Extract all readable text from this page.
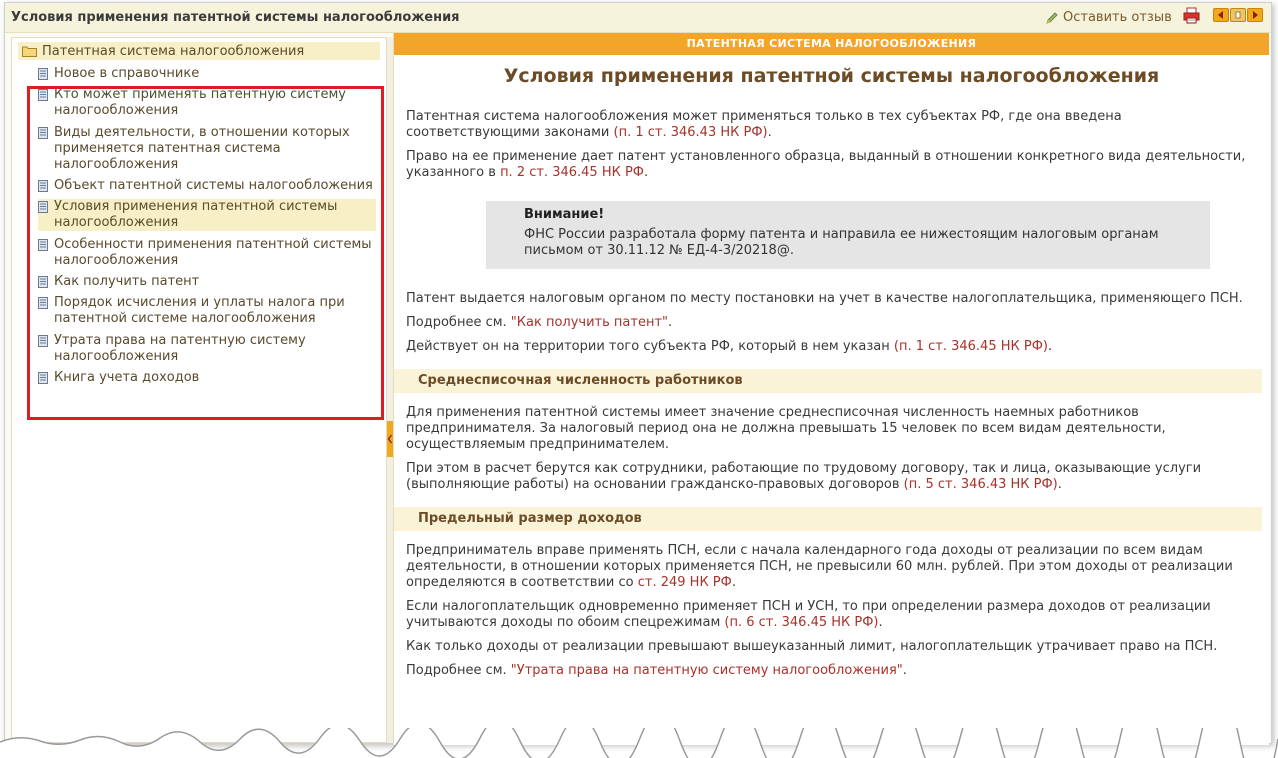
Условия применения патентной системы налогообложения	Оставить отзыв
Патентная система налогообложения
Новое в справочнике
Кто может применять патентную систему налогообложения
Виды деятельности, в отношении которых применяется патентная система налогообложения
Объект патентной системы налогообложения
Условия применения патентной системы налогообложения
Особенности применения патентной системы налогообложения
Как получить патент
Порядок исчисления и уплаты налога при патентной системе налогообложения
Утрата права на патентную систему налогообложения
Книга учета доходов
ПАТЕНТНАЯ СИСТЕМА НАЛОГООБЛОЖЕНИЯ
Условия применения патентной системы налогообложения
Патентная система налогообложения может применяться только в тех субъектах РФ, где она введена соответствующими законами (п. 1 ст. 346.43 НК РФ).
Право на ее применение дает патент установленного образца, выданный в отношении конкретного вида деятельности, указанного в п. 2 ст. 346.45 НК РФ.
Внимание!
ФНС России разработала форму патента и направила ее нижестоящим налоговым органам письмом от 30.11.12 № ЕД-4-3/20218@.
Патент выдается налоговым органом по месту постановки на учет в качестве налогоплательщика, применяющего ПСН.
Подробнее см. "Как получить патент".
Действует он на территории того субъекта РФ, который в нем указан (п. 1 ст. 346.45 НК РФ).
Среднесписочная численность работников
Для применения патентной системы имеет значение среднесписочная численность наемных работников предпринимателя. За налоговый период она не должна превышать 15 человек по всем видам деятельности, осуществляемым предпринимателем.
При этом в расчет берутся как сотрудники, работающие по трудовому договору, так и лица, оказывающие услуги (выполняющие работы) на основании гражданско-правовых договоров (п. 5 ст. 346.43 НК РФ).
Предельный размер доходов
Предприниматель вправе применять ПСН, если с начала календарного года доходы от реализации по всем видам деятельности, в отношении которых применяется ПСН, не превысили 60 млн. рублей. При этом доходы от реализации определяются в соответствии со ст. 249 НК РФ.
Если налогоплательщик одновременно применяет ПСН и УСН, то при определении размера доходов от реализации учитываются доходы по обоим спецрежимам (п. 6 ст. 346.45 НК РФ).
Как только доходы от реализации превышают вышеуказанный лимит, налогоплательщик утрачивает право на ПСН.
Подробнее см. "Утрата права на патентную систему налогообложения".
